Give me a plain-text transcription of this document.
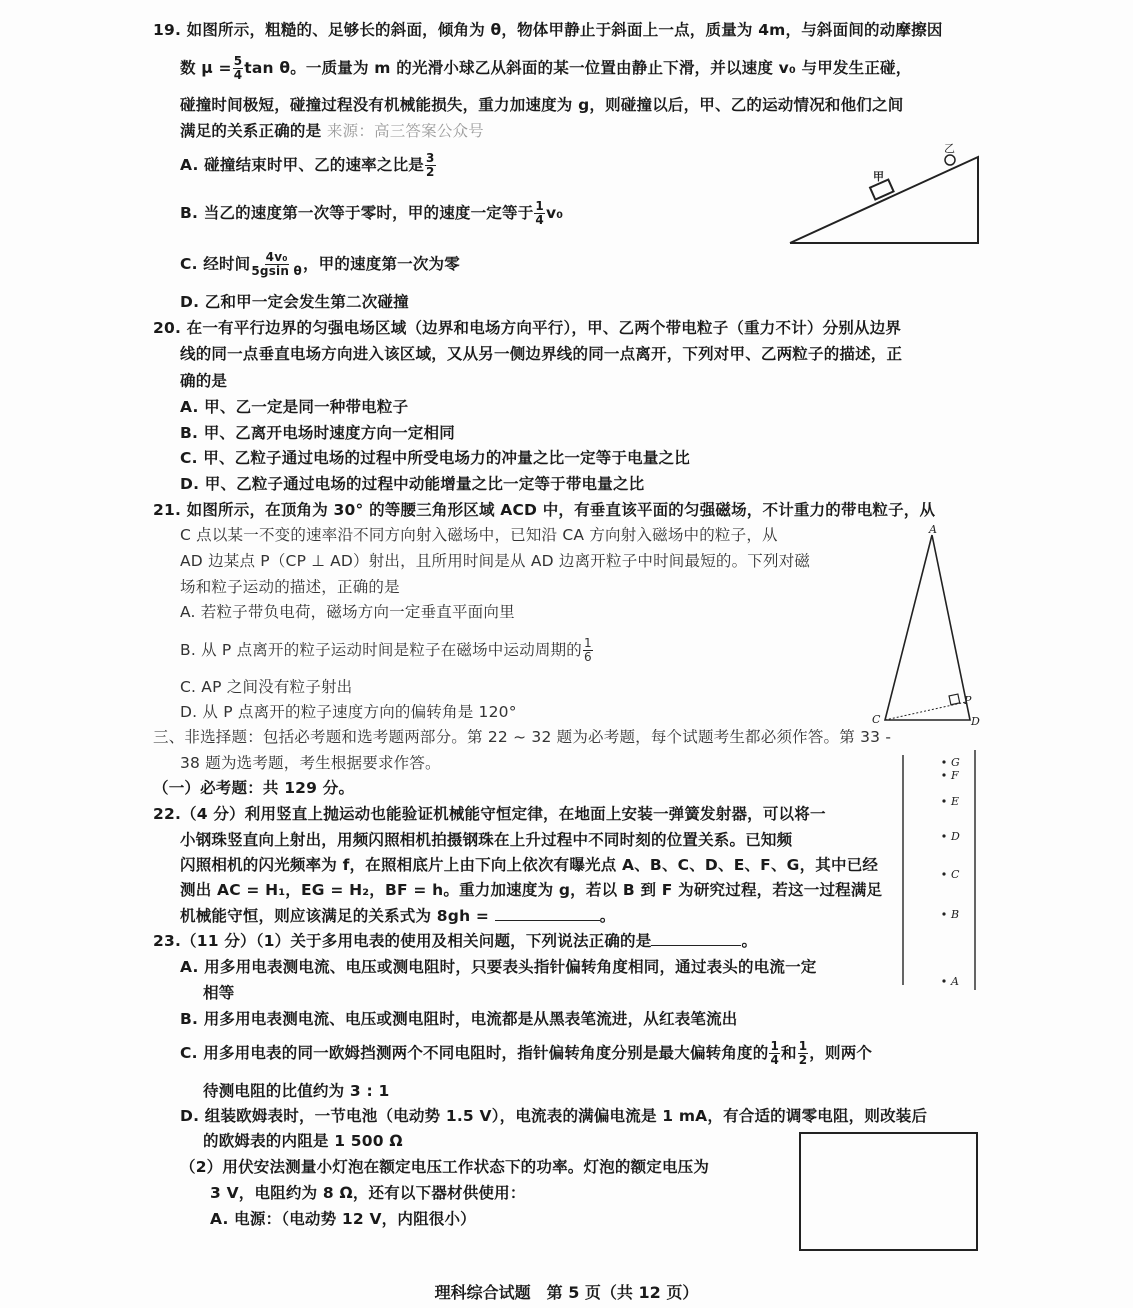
19. 如图所示，粗糙的、足够长的斜面，倾角为 θ，物体甲静止于斜面上一点，质量为 4m，与斜面间的动摩擦因
数 $\mu = \frac{5}{4}$ tan θ。一质量为 m 的光滑小球乙从斜面的某一位置由静止下滑，并以速度 v₀ 与甲发生正碰，
碰撞时间极短，碰撞过程没有机械能损失，重力加速度为 g，则碰撞以后，甲、乙的运动情况和他们之间
满足的关系正确的是 来源：高三答案公众号
A. 碰撞结束时甲、乙的速率之比是 $\frac{3}{2}$
B. 当乙的速度第一次等于零时，甲的速度一定等于 $\frac{1}{4} v_0$
C. 经时间 $\frac{\text{4v₀}}{\text{5gsin θ}}$ ，甲的速度第一次为零
D. 乙和甲一定会发生第二次碰撞
20. 在一有平行边界的匀强电场区域（边界和电场方向平行），甲、乙两个带电粒子（重力不计）分别从边界
线的同一点垂直电场方向进入该区域，又从另一侧边界线的同一点离开，下列对甲、乙两粒子的描述，正
确的是
A. 甲、乙一定是同一种带电粒子
B. 甲、乙离开电场时速度方向一定相同
C. 甲、乙粒子通过电场的过程中所受电场力的冲量之比一定等于电量之比
D. 甲、乙粒子通过电场的过程中动能增量之比一定等于带电量之比
21. 如图所示，在顶角为 30° 的等腰三角形区域 ACD 中，有垂直该平面的匀强磁场，不计重力的带电粒子，从
C 点以某一不变的速率沿不同方向射入磁场中，已知沿 CA 方向射入磁场中的粒子，从
AD 边某点 P（CP ⊥ AD）射出，且所用时间是从 AD 边离开粒子中时间最短的。下列对磁
场和粒子运动的描述，正确的是
A. 若粒子带负电荷，磁场方向一定垂直平面向里
B. 从 P 点离开的粒子运动时间是粒子在磁场中运动周期的 $\frac{1}{6}$
C. AP 之间没有粒子射出
D. 从 P 点离开的粒子速度方向的偏转角是 120°
三、非选择题：包括必考题和选考题两部分。第 22 ~ 32 题为必考题，每个试题考生都必须作答。第 33 -
38 题为选考题，考生根据要求作答。
（一）必考题：共 129 分。
22.（4 分）利用竖直上抛运动也能验证机械能守恒定律，在地面上安装一弹簧发射器，可以将一
小钢珠竖直向上射出，用频闪照相机拍摄钢珠在上升过程中不同时刻的位置关系。已知频
闪照相机的闪光频率为 f，在照相底片上由下向上依次有曝光点 A、B、C、D、E、F、G，其中已经
测出 AC = H₁，EG = H₂，BF = h。重力加速度为 g，若以 B 到 F 为研究过程，若这一过程满足
机械能守恒，则应该满足的关系式为 8gh =	。
23.（11 分）（1）关于多用电表的使用及相关问题，下列说法正确的是	。
A. 用多用电表测电流、电压或测电阻时，只要表头指针偏转角度相同，通过表头的电流一定
相等
B. 用多用电表测电流、电压或测电阻时，电流都是从黑表笔流进，从红表笔流出
C. 用多用电表的同一欧姆挡测两个不同电阻时，指针偏转角度分别是最大偏转角度的 $\frac{1}{4}$ 和 $\frac{1}{2}$ ，则两个
待测电阻的比值约为 3 : 1
D. 组装欧姆表时，一节电池（电动势 1.5 V），电流表的满偏电流是 1 mA，有合适的调零电阻，则改装后
的欧姆表的内阻是 1 500 Ω
（2）用伏安法测量小灯泡在额定电压工作状态下的功率。灯泡的额定电压为
3 V，电阻约为 8 Ω，还有以下器材供使用：
A. 电源：（电动势 12 V，内阻很小）
理科综合试题　第 5 页（共 12 页）
甲
乙
A
C	D
P
G
F
E
D
C
B
A
